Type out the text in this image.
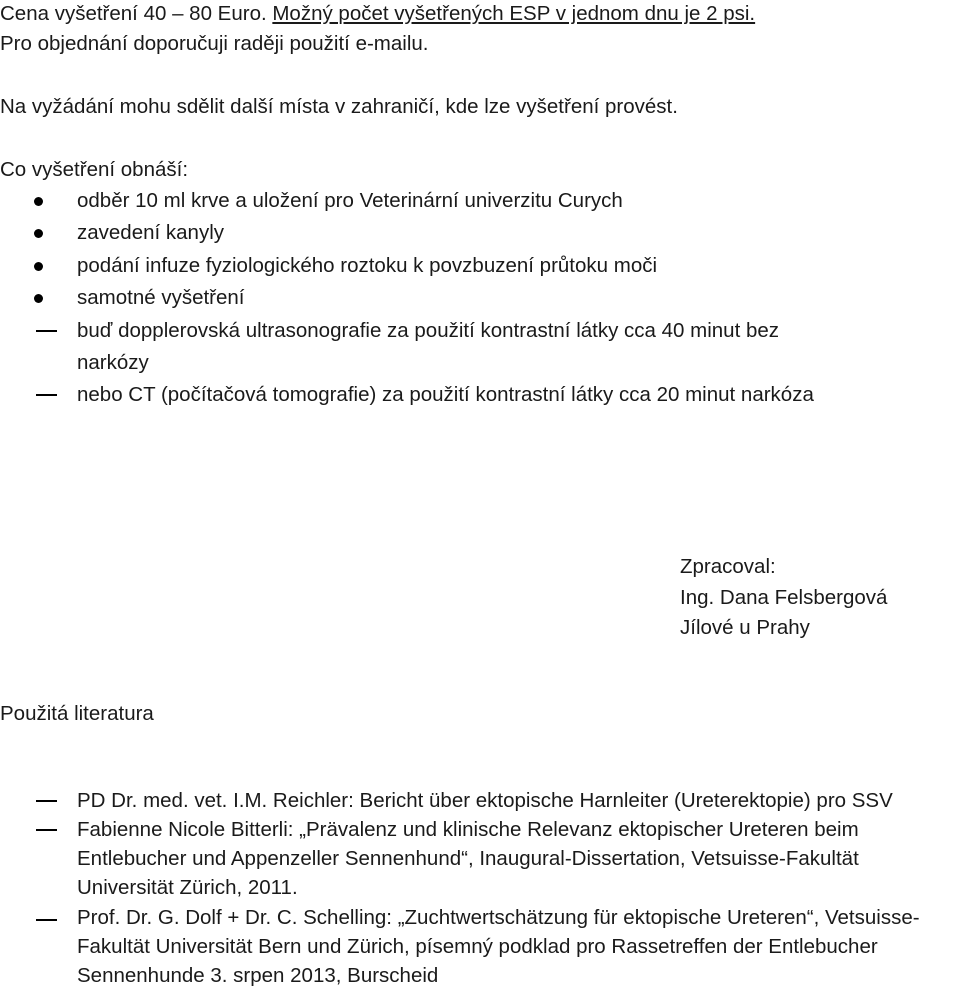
Cena vyšetření 40 – 80 Euro. Možný počet vyšetřených ESP v jednom dnu je 2 psi.
Pro objednání doporučuji raději použití e-mailu.
Na vyžádání mohu sdělit další místa v zahraničí, kde lze vyšetření provést.
Co vyšetření obnáší:
odběr 10 ml krve a uložení pro Veterinární univerzitu Curych
zavedení kanyly
podání infuze fyziologického roztoku k povzbuzení průtoku moči
samotné vyšetření
buď dopplerovská ultrasonografie za použití kontrastní látky cca 40 minut bez
narkózy
nebo CT (počítačová tomografie) za použití kontrastní látky cca 20 minut narkóza
Zpracoval:
Ing. Dana Felsbergová
Jílové u Prahy
Použitá literatura
PD Dr. med. vet. I.M. Reichler: Bericht über ektopische Harnleiter (Ureterektopie) pro SSV
Fabienne Nicole Bitterli: „Prävalenz und klinische Relevanz ektopischer Ureteren beim
Entlebucher und Appenzeller Sennenhund“, Inaugural-Dissertation, Vetsuisse-Fakultät
Universität Zürich, 2011.
Prof. Dr. G. Dolf + Dr. C. Schelling: „Zuchtwertschätzung für ektopische Ureteren“, Vetsuisse-
Fakultät Universität Bern und Zürich, písemný podklad pro Rassetreffen der Entlebucher
Sennenhunde 3. srpen 2013, Burscheid
